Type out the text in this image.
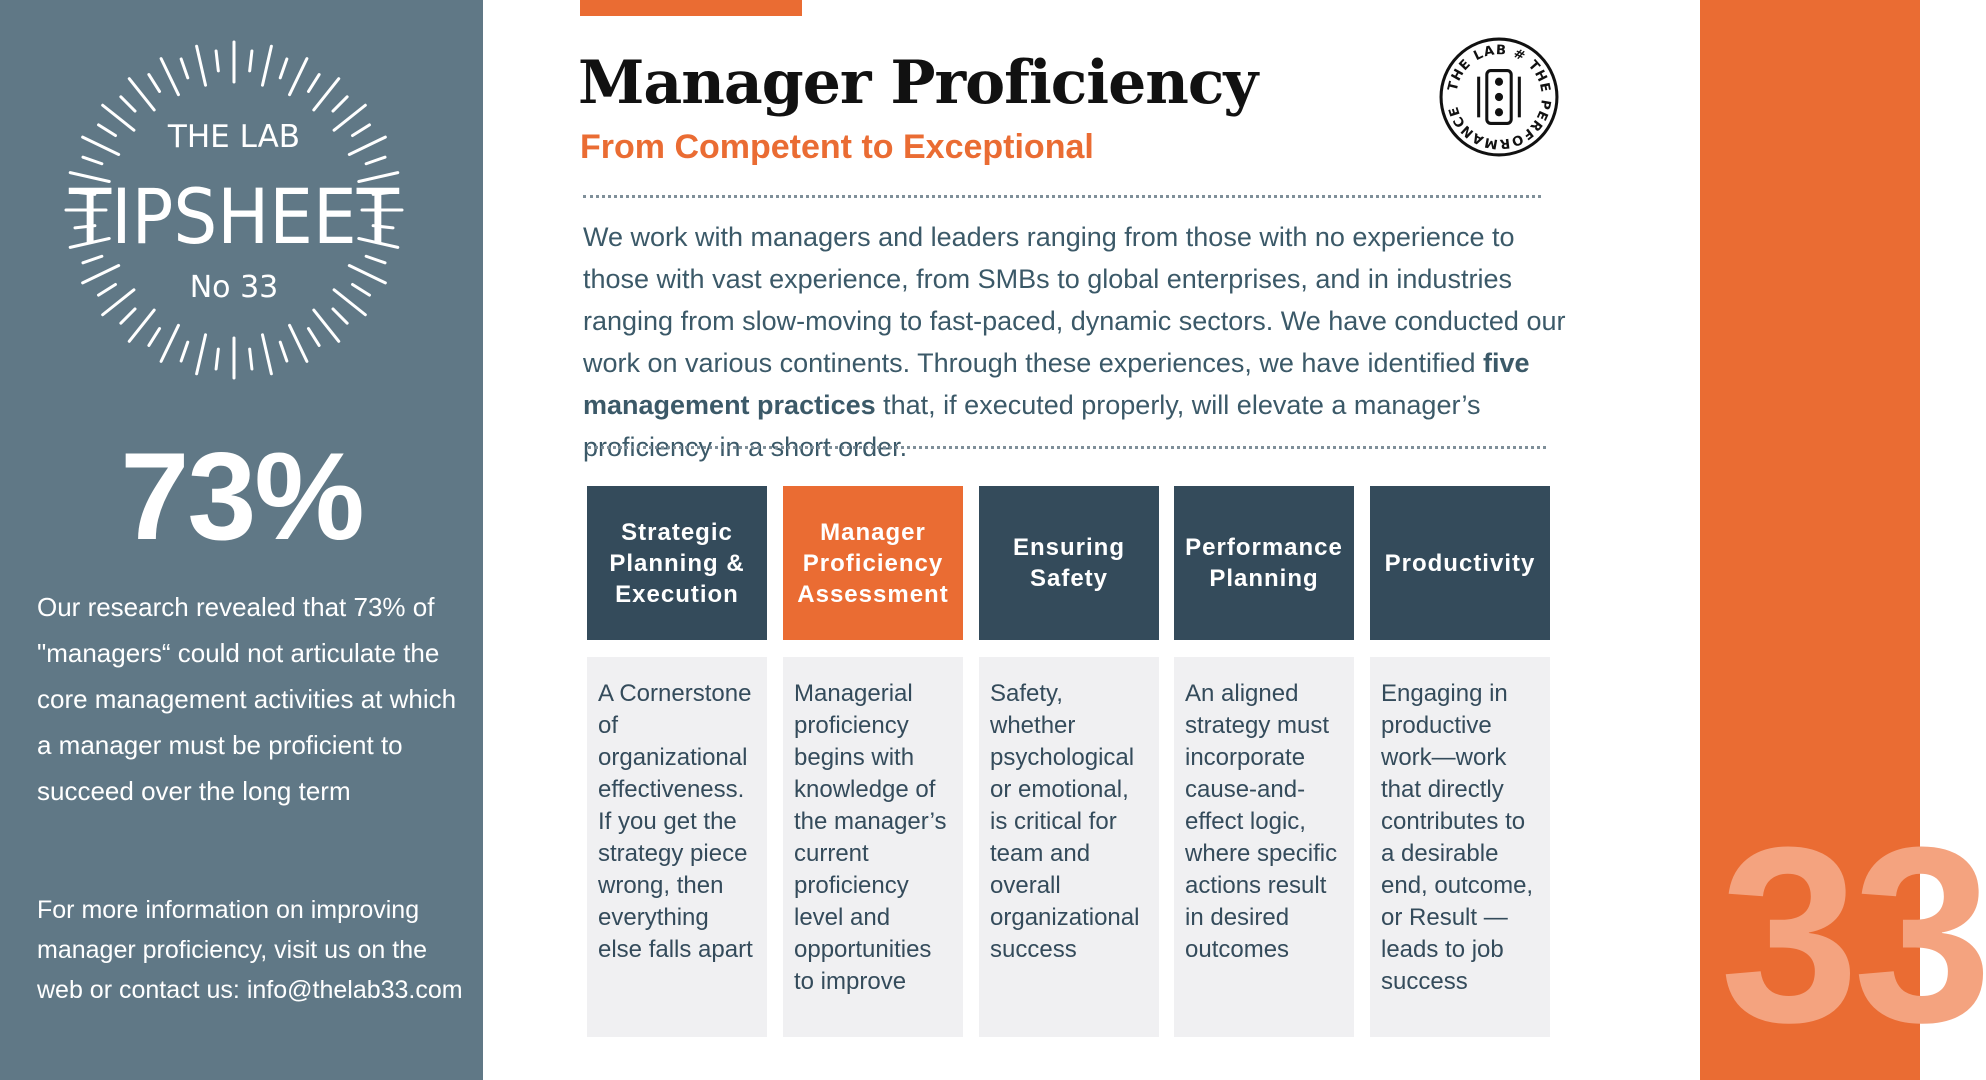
THE LAB
TIPSHEET
No 33
73%
Our research revealed that 73% of "managers“ could not articulate the core management activities at which a manager must be proficient to succeed over the long term
For more information on improving manager proficiency, visit us on the web or contact us: info@thelab33.com	33
Manager Proficiency
From Competent to Exceptional
THE LAB # THE PERFORMANCE
We work with managers and leaders ranging from those with no experience to those with vast experience, from SMBs to global enterprises, and in industries ranging from slow-moving to fast-paced, dynamic sectors. We have conducted our work on various continents. Through these experiences, we have identified five management practices that, if executed properly, will elevate a manager’s proficiency in a short order.
Strategic Planning & Execution
Manager Proficiency Assessment
Ensuring Safety
Performance Planning
Productivity
A Cornerstone of organizational effectiveness. If you get the strategy piece wrong, then everything else falls apart
Managerial proficiency begins with knowledge of the manager’s current proficiency level and opportunities to improve
Safety, whether psychological or emotional, is critical for team and overall organizational success
An aligned strategy must incorporate cause-and-effect logic, where specific actions result in desired outcomes
Engaging in productive work—work that directly contributes to a desirable end, outcome, or Result — leads to job success
